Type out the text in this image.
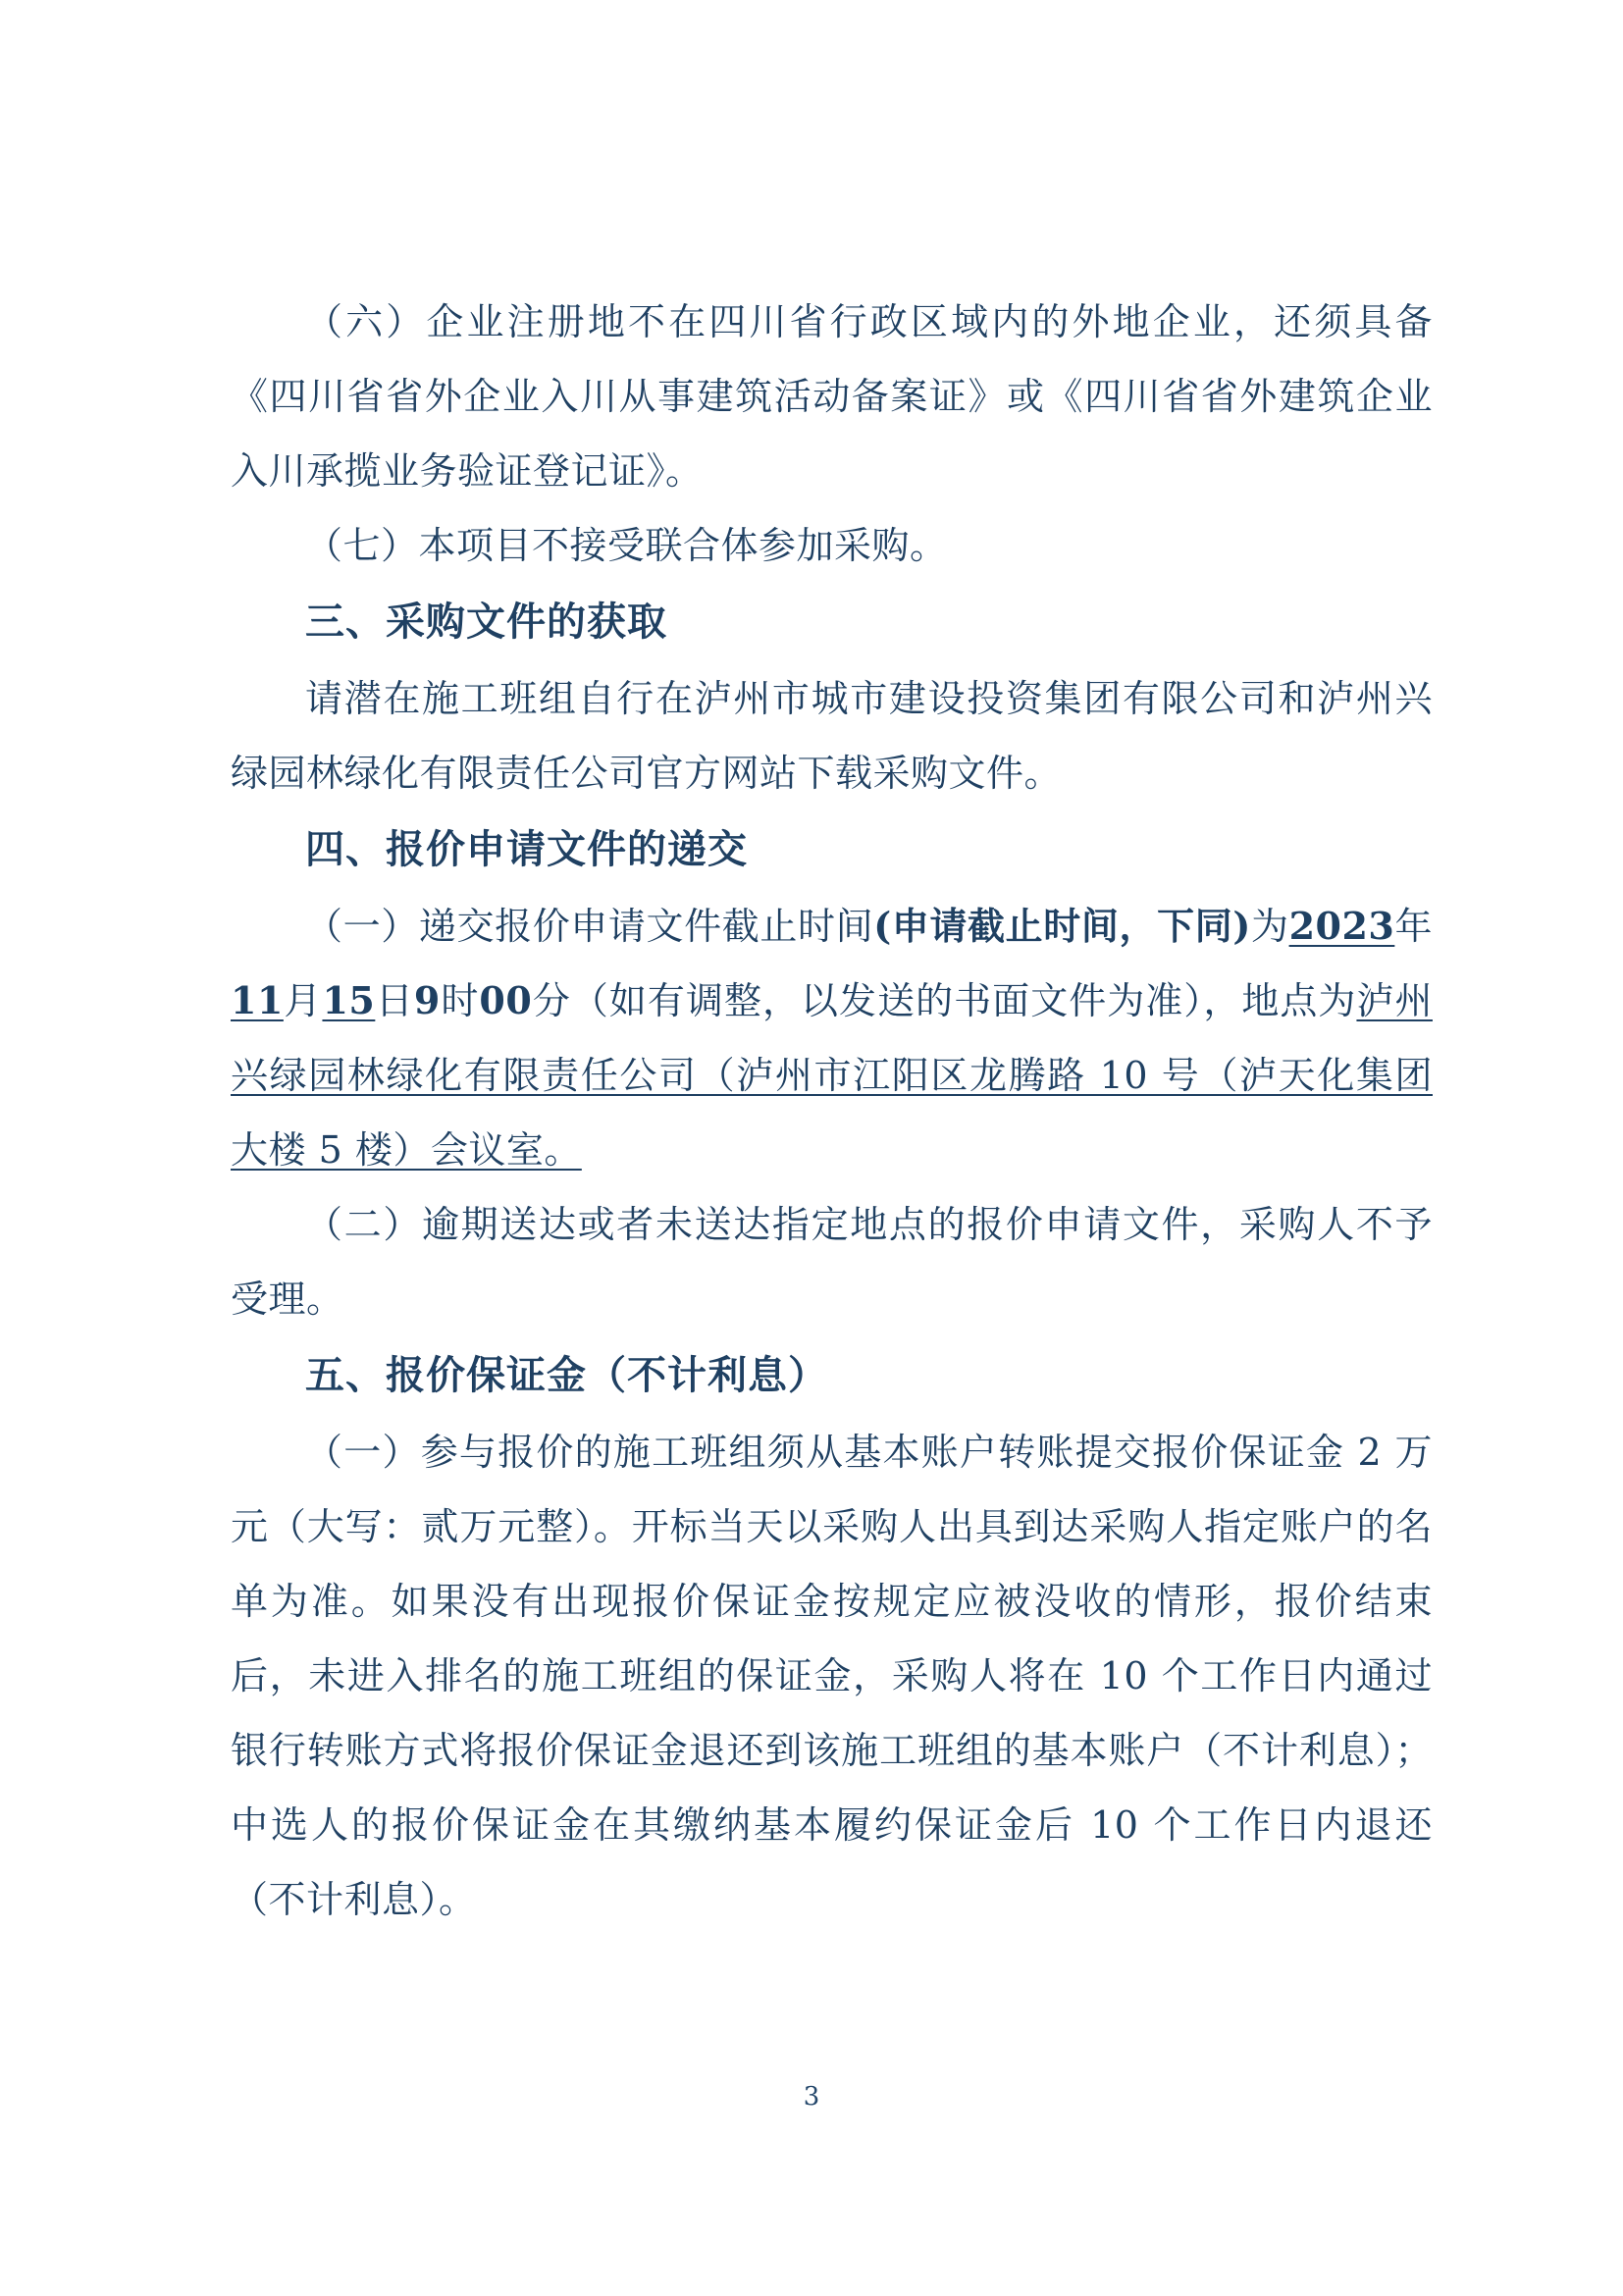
（六）企业注册地不在四川省行政区域内的外地企业，还须具备《四川省省外企业入川从事建筑活动备案证》或《四川省省外建筑企业入川承揽业务验证登记证》。

（七）本项目不接受联合体参加采购。

三、采购文件的获取

请潜在施工班组自行在泸州市城市建设投资集团有限公司和泸州兴绿园林绿化有限责任公司官方网站下载采购文件。

四、报价申请文件的递交

（一）递交报价申请文件截止时间(申请截止时间，下同)为2023年11月15日9时00分（如有调整，以发送的书面文件为准），地点为泸州兴绿园林绿化有限责任公司（泸州市江阳区龙腾路 10 号（泸天化集团大楼 5 楼）会议室。

（二）逾期送达或者未送达指定地点的报价申请文件，采购人不予受理。

五、报价保证金（不计利息）

（一）参与报价的施工班组须从基本账户转账提交报价保证金 2 万元（大写：贰万元整）。开标当天以采购人出具到达采购人指定账户的名单为准。如果没有出现报价保证金按规定应被没收的情形，报价结束后，未进入排名的施工班组的保证金，采购人将在 10 个工作日内通过银行转账方式将报价保证金退还到该施工班组的基本账户（不计利息）；中选人的报价保证金在其缴纳基本履约保证金后 10 个工作日内退还（不计利息）。

3
